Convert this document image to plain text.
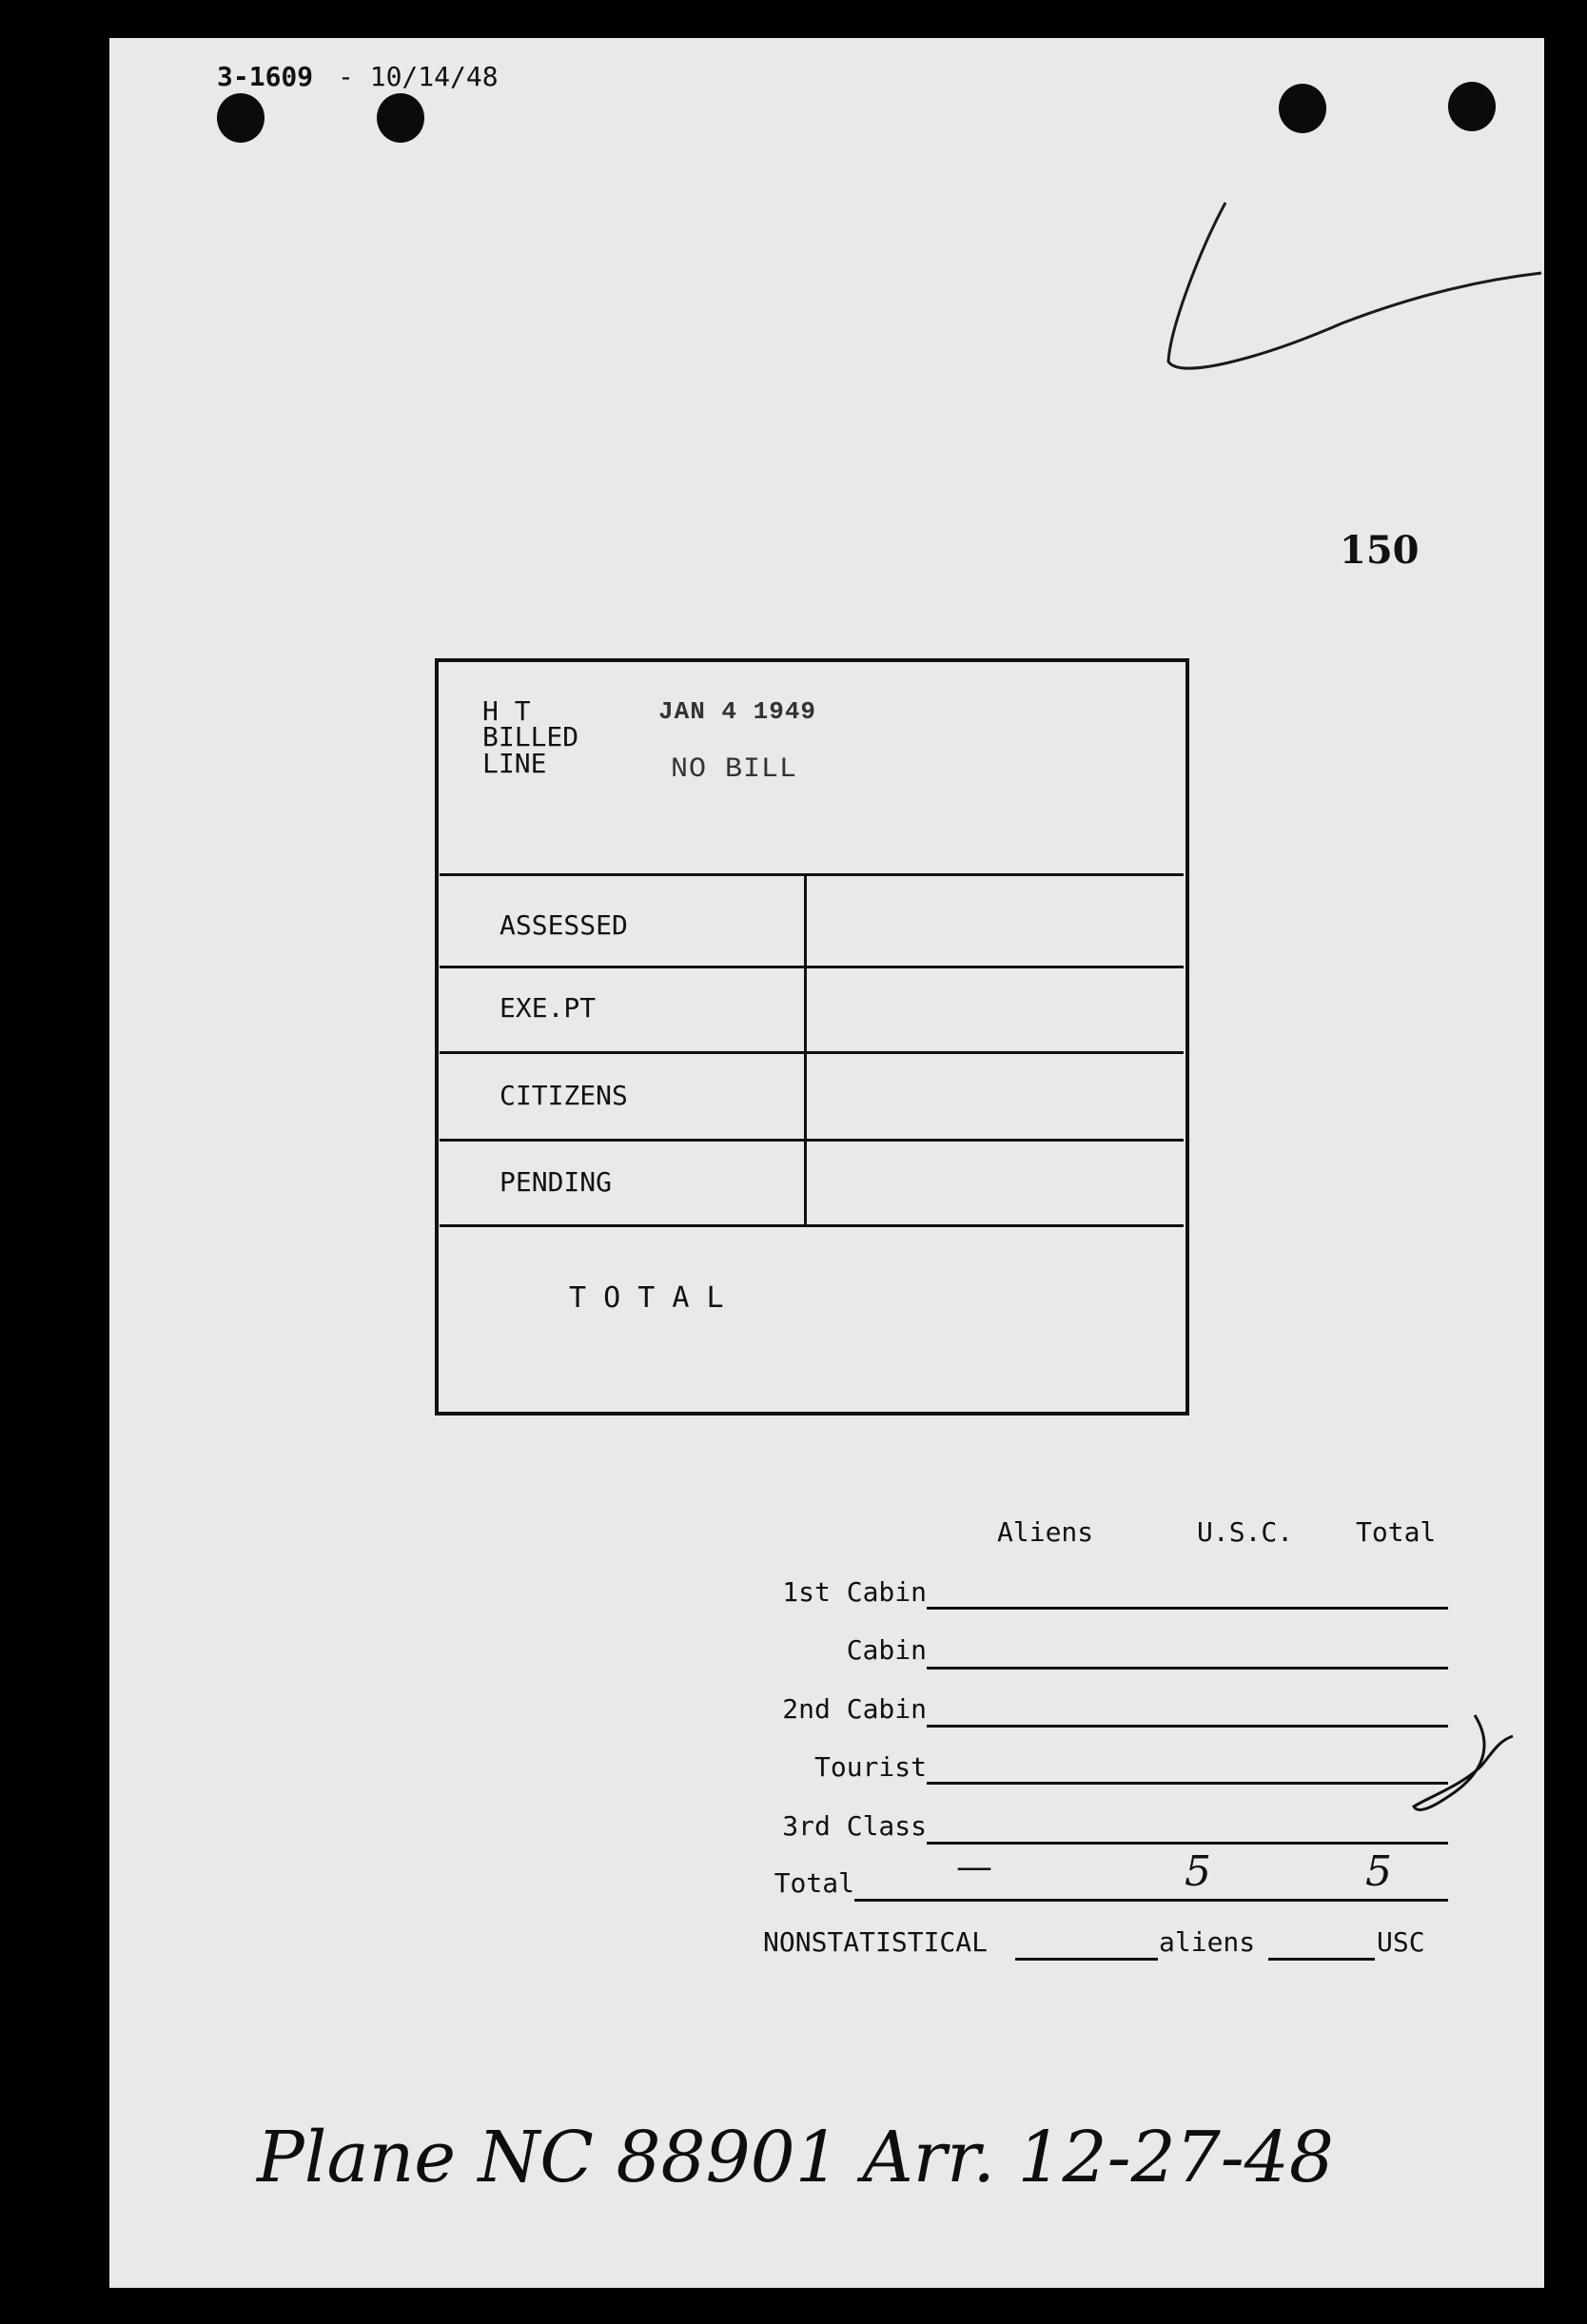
3-1609 - 10/14/48
150
H T
BILLED
LINE
JAN 4 1949
NO BILL
ASSESSED
EXE.PT
CITIZENS
PENDING
T O T A L
Aliens	U.S.C. Total
1st Cabin
Cabin
2nd Cabin
Tourist
3rd Class
Total	—	5	5
NONSTATISTICAL	aliens	USC
Plane NC 88901 Arr. 12-27-48
